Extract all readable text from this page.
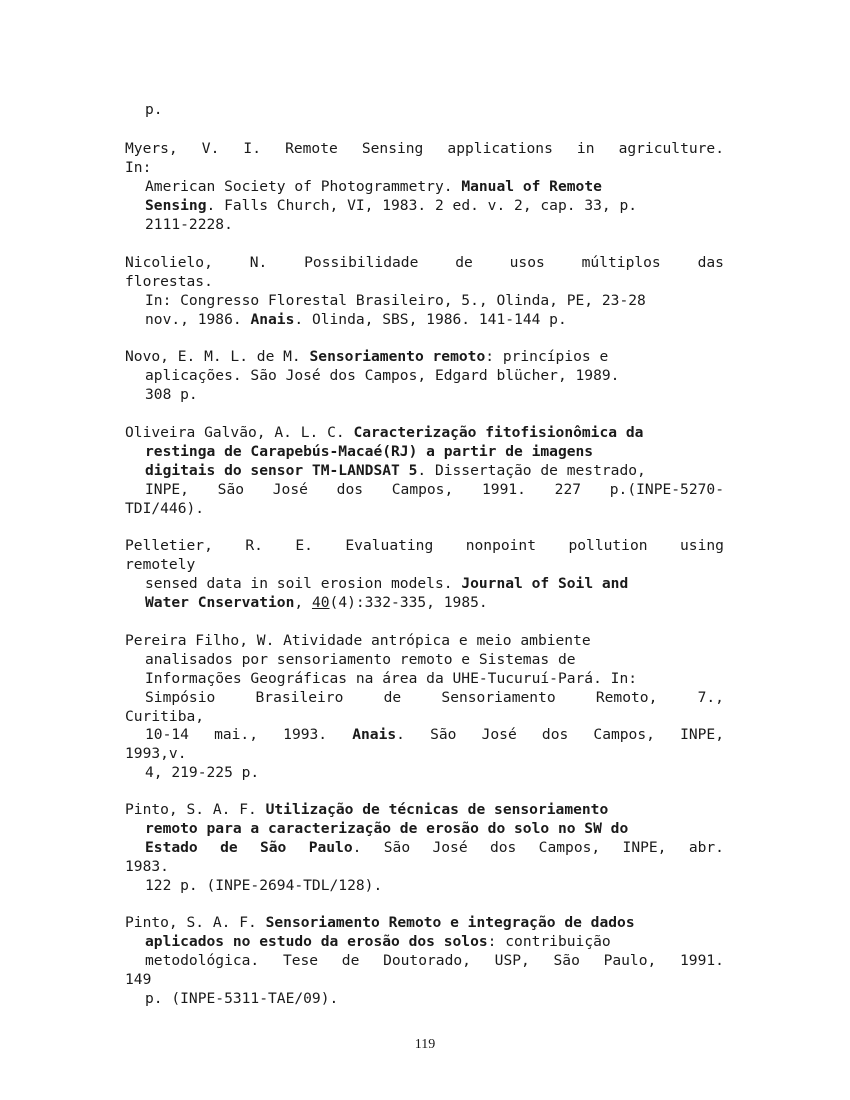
p.
Myers, V. I. Remote Sensing applications in agriculture.
In:
American Society of Photogrammetry. Manual of Remote
Sensing. Falls Church, VI, 1983. 2 ed. v. 2, cap. 33, p.
2111-2228.
Nicolielo,	N.	Possibilidade	de	usos	múltiplos	das
florestas.
In: Congresso Florestal Brasileiro, 5., Olinda, PE, 23-28
nov., 1986. Anais. Olinda, SBS, 1986. 141-144 p.
Novo, E. M. L. de M. Sensoriamento remoto: princípios e
aplicações. São José dos Campos, Edgard blücher, 1989.
308 p.
Oliveira Galvão, A. L. C. Caracterização fitofisionômica da
restinga de Carapebús-Macaé(RJ) a partir de imagens
digitais do sensor TM-LANDSAT 5. Dissertação de mestrado,
INPE, São José dos Campos, 1991. 227 p.(INPE-5270-
TDI/446).
Pelletier, R. E. Evaluating nonpoint pollution using
remotely
sensed data in soil erosion models. Journal of Soil and
Water Cnservation, 40(4):332-335, 1985.
Pereira Filho, W. Atividade antrópica e meio ambiente
analisados por sensoriamento remoto e Sistemas de
Informações Geográficas na área da UHE-Tucuruí-Pará. In:
Simpósio	Brasileiro	de	Sensoriamento	Remoto,	7.,
Curitiba,
10-14 mai., 1993. Anais. São José dos Campos, INPE,
1993,v.
4, 219-225 p.
Pinto, S. A. F. Utilização de técnicas de sensoriamento
remoto para a caracterização de erosão do solo no SW do
Estado de São Paulo. São José dos Campos, INPE, abr.
1983.
122 p. (INPE-2694-TDL/128).
Pinto, S. A. F. Sensoriamento Remoto e integração de dados
aplicados no estudo da erosão dos solos: contribuição
metodológica. Tese de Doutorado, USP, São Paulo, 1991.
149
p. (INPE-5311-TAE/09).
119
